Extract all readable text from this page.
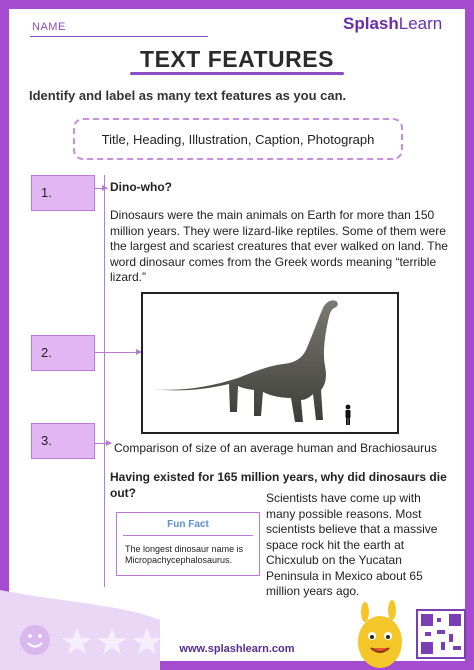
NAME	SplashLearn
TEXT FEATURES
Identify and label as many text features as you can.
Title, Heading, Illustration, Caption, Photograph
1.
2.
3.
Dino-who?
Dinosaurs were the main animals on Earth for more than 150 million years. They were lizard-like reptiles. Some of them were the largest and scariest creatures that ever walked on land. The word dinosaur comes from the Greek words meaning “terrible lizard.”
Comparison of size of an average human and Brachiosaurus
Having existed for 165 million years, why did dinosaurs die out?
Fun Fact
The longest dinosaur name is Micropachycephalosaurus.
Scientists have come up with many possible reasons. Most scientists believe that a massive space rock hit the earth at Chicxulub on the Yucatan Peninsula in Mexico about 65 million years ago.
www.splashlearn.com
